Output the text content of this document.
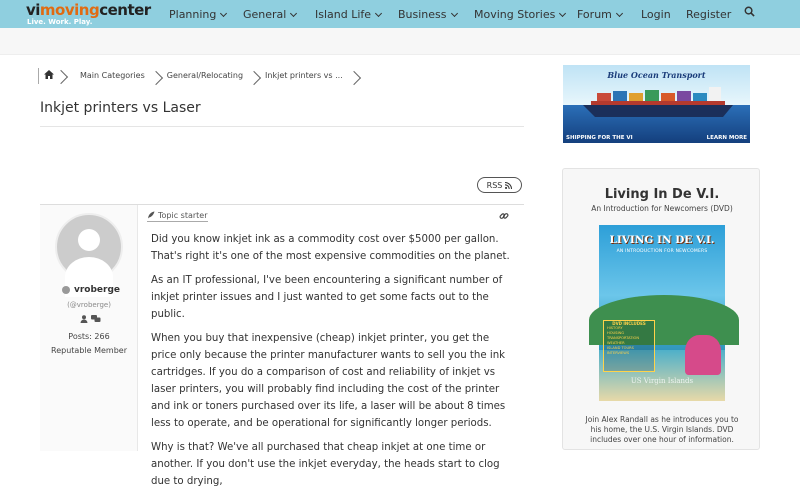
vimovingcenter
Live. Work. Play.
Planning	General	Island Life	Business	Moving Stories	Forum	Login Register
Main Categories	General/Relocating	Inkjet printers vs ...
Inkjet printers vs Laser
RSS
vroberge
(@vroberge)

Posts: 266
Reputable Member
Topic starter

Did you know inkjet ink as a commodity cost over $5000 per gallon. That's right it's one of the most expensive commodities on the planet.

As an IT professional, I've been encountering a significant number of inkjet printer issues and I just wanted to get some facts out to the public.

When you buy that inexpensive (cheap) inkjet printer, you get the price only because the printer manufacturer wants to sell you the ink cartridges. If you do a comparison of cost and reliability of inkjet vs laser printers, you will probably find including the cost of the printer and ink or toners purchased over its life, a laser will be about 8 times less to operate, and be operational for significantly longer periods.

Why is that? We've all purchased that cheap inkjet at one time or another. If you don't use the inkjet everyday, the heads start to clog due to drying,

Blue Ocean Transport
SHIPPING FOR THE VI	LEARN MORE
Living In De V.I.
An Introduction for Newcomers (DVD)
LIVING IN DE V.I.
AN INTRODUCTION FOR NEWCOMERS
DVD INCLUDES
HISTORY
HOUSING
TRANSPORTATION
WEATHER
ISLAND TOURS
INTERVIEWS
US Virgin Islands
Join Alex Randall as he introduces you to his home, the U.S. Virgin Islands. DVD includes over one hour of information.
